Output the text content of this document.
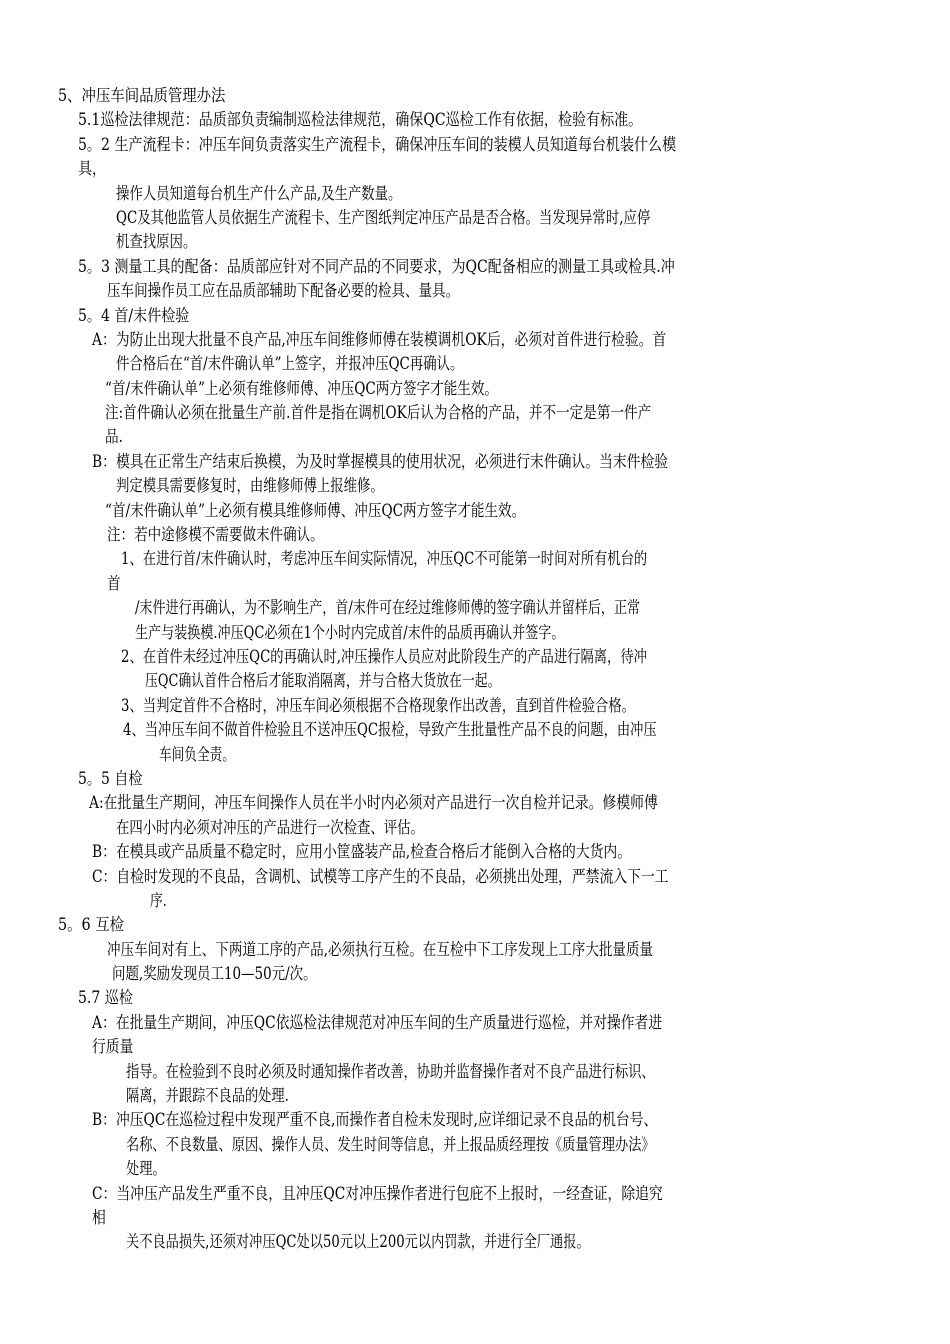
5、冲压车间品质管理办法
5.1巡检法律规范：品质部负责编制巡检法律规范，确保QC巡检工作有依据，检验有标准。
5。2 生产流程卡：冲压车间负责落实生产流程卡，确保冲压车间的装模人员知道每台机装什么模
具，
操作人员知道每台机生产什么产品,及生产数量。
QC及其他监管人员依据生产流程卡、生产图纸判定冲压产品是否合格。当发现异常时,应停
机查找原因。
5。3 测量工具的配备：品质部应针对不同产品的不同要求，为QC配备相应的测量工具或检具.冲
压车间操作员工应在品质部辅助下配备必要的检具、量具。
5。4 首/末件检验
A：为防止出现大批量不良产品,冲压车间维修师傅在装模调机OK后，必须对首件进行检验。首
件合格后在“首/末件确认单”上签字，并报冲压QC再确认。
“首/末件确认单”上必须有维修师傅、冲压QC两方签字才能生效。
注:首件确认必须在批量生产前.首件是指在调机OK后认为合格的产品，并不一定是第一件产
品.
B：模具在正常生产结束后换模，为及时掌握模具的使用状况，必须进行末件确认。当末件检验
判定模具需要修复时，由维修师傅上报维修。
“首/末件确认单”上必须有模具维修师傅、冲压QC两方签字才能生效。
注：若中途修模不需要做末件确认。
1、在进行首/末件确认时，考虑冲压车间实际情况，冲压QC不可能第一时间对所有机台的
首
/末件进行再确认，为不影响生产，首/末件可在经过维修师傅的签字确认并留样后，正常
生产与装换模.冲压QC必须在1个小时内完成首/末件的品质再确认并签字。
2、在首件未经过冲压QC的再确认时,冲压操作人员应对此阶段生产的产品进行隔离，待冲
压QC确认首件合格后才能取消隔离，并与合格大货放在一起。
3、当判定首件不合格时，冲压车间必须根据不合格现象作出改善，直到首件检验合格。
4、当冲压车间不做首件检验且不送冲压QC报检，导致产生批量性产品不良的问题，由冲压
车间负全责。
5。5 自检
A:在批量生产期间，冲压车间操作人员在半小时内必须对产品进行一次自检并记录。修模师傅
在四小时内必须对冲压的产品进行一次检查、评估。
B：在模具或产品质量不稳定时，应用小筐盛装产品,检查合格后才能倒入合格的大货内。
C：自检时发现的不良品，含调机、试模等工序产生的不良品，必须挑出处理，严禁流入下一工
序.
5。6 互检
冲压车间对有上、下两道工序的产品,必须执行互检。在互检中下工序发现上工序大批量质量
问题,奖励发现员工10—50元/次。
5.7 巡检
A：在批量生产期间，冲压QC依巡检法律规范对冲压车间的生产质量进行巡检，并对操作者进
行质量
指导。在检验到不良时必须及时通知操作者改善，协助并监督操作者对不良产品进行标识、
隔离，并跟踪不良品的处理.
B：冲压QC在巡检过程中发现严重不良,而操作者自检未发现时,应详细记录不良品的机台号、
名称、不良数量、原因、操作人员、发生时间等信息，并上报品质经理按《质量管理办法》
处理。
C：当冲压产品发生严重不良，且冲压QC对冲压操作者进行包庇不上报时，一经查证，除追究
相
关不良品损失,还须对冲压QC处以50元以上200元以内罚款，并进行全厂通报。
